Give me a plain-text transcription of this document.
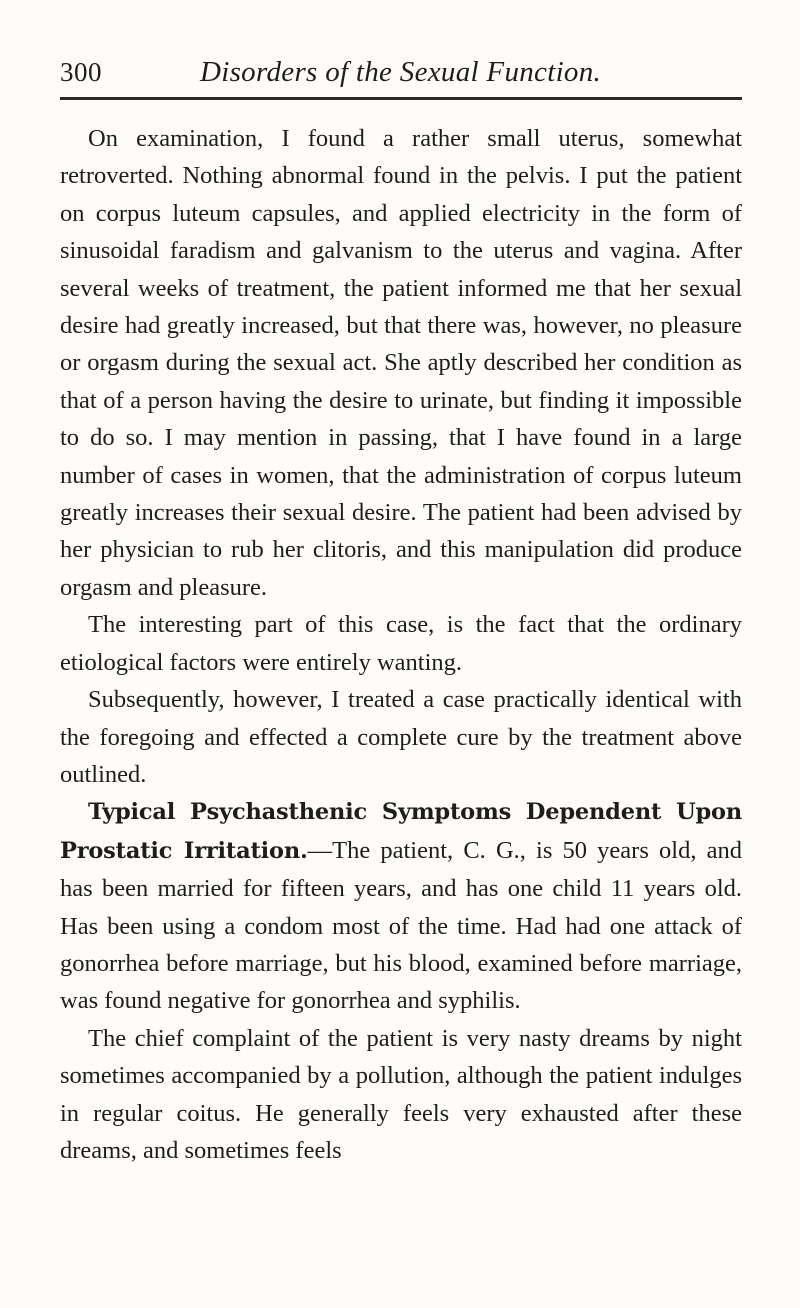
300	Disorders of the Sexual Function.

On examination, I found a rather small uterus, somewhat retroverted. Nothing abnormal found in the pelvis. I put the patient on corpus luteum capsules, and applied electricity in the form of sinusoidal faradism and galvanism to the uterus and vagina. After several weeks of treatment, the patient informed me that her sexual desire had greatly increased, but that there was, however, no pleasure or orgasm during the sexual act. She aptly described her condition as that of a person having the desire to urinate, but finding it impossible to do so. I may mention in passing, that I have found in a large number of cases in women, that the administration of corpus luteum greatly increases their sexual desire. The patient had been advised by her physician to rub her clitoris, and this manipulation did produce orgasm and pleasure.

The interesting part of this case, is the fact that the ordinary etiological factors were entirely wanting.

Subsequently, however, I treated a case practically identical with the foregoing and effected a complete cure by the treatment above outlined.

Typical Psychasthenic Symptoms Dependent Upon Prostatic Irritation.—The patient, C. G., is 50 years old, and has been married for fifteen years, and has one child 11 years old. Has been using a condom most of the time. Had had one attack of gonorrhea before marriage, but his blood, examined before marriage, was found negative for gonorrhea and syphilis.

The chief complaint of the patient is very nasty dreams by night sometimes accompanied by a pollution, although the patient indulges in regular coitus. He generally feels very exhausted after these dreams, and sometimes feels
